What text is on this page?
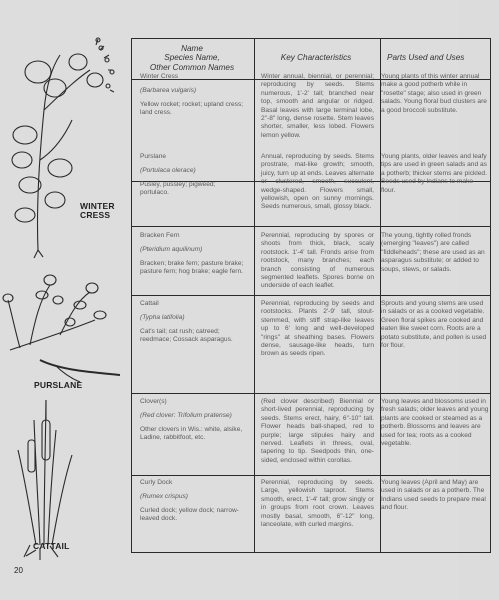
WINTER
CRESS
PURSLANE
CATTAIL
20
Name
Species Name,
Other Common Names
Key Characteristics	Parts Used and Uses
Winter Cress
(Barbarea vulgaris)
Yellow rocket; rocket; upland cress; land cress.
Winter annual, biennial, or perennial; reproducing by seeds. Stems numerous, 1'-2' tall; branched near top, smooth and angular or ridged. Basal leaves with large terminal lobe, 2"-8" long, dense rosette. Stem leaves shorter, smaller, less lobed. Flowers lemon yellow.
Young plants of this winter annual make a good potherb while in "rosette" stage; also used in green salads. Young floral bud clusters are a good broccoli substitute.
Purslane
(Portulaca olerace)
Pusley, pussley; pigweed; portulaco.
Annual, reproducing by seeds. Stems prostrate, mat-like growth; smooth, juicy, turn up at ends. Leaves alternate or clustered, smooth, succulent, wedge-shaped. Flowers small, yellowish, open on sunny mornings. Seeds numerous, small, glossy black.
Young plants, older leaves and leafy tips are used in green salads and as a potherb; thicker stems are pickled. Seeds used by Indians to make flour.
Bracken Fern
(Pteridium aquilinum)
Bracken; brake fern; pasture brake; pasture fern; hog brake; eagle fern.
Perennial, reproducing by spores or shoots from thick, black, scaly rootstock. 1'-4' tall. Fronds arise from rootstock, many branches; each branch consisting of numerous segmented leaflets. Spores borne on underside of each leaflet.
The young, tightly rolled fronds (emerging "leaves") are called "fiddleheads"; these are used as an asparagus substitute; or added to soups, stews, or salads.
Cattail
(Typha latifolia)
Cat's tail; cat rush; catreed; reedmace; Cossack asparagus.
Perennial, reproducing by seeds and rootstocks. Plants 2'-9' tall, stout-stemmed, with stiff strap-like leaves up to 6' long and well-developed "rings" at sheathing bases. Flowers dense, sausage-like heads, turn brown as seeds ripen.
Sprouts and young stems are used in salads or as a cooked vegetable. Green floral spikes are cooked and eaten like sweet corn. Roots are a potato substitute, and pollen is used for flour.
Clover(s)
(Red clover: Trifolium pratense)
Other clovers in Wis.: white, alsike, Ladine, rabbitfoot, etc.
(Red clover described) Biennial or short-lived perennial, reproducing by seeds. Stems erect, hairy, 6"-10" tall. Flower heads ball-shaped, red to purple; large stipules hairy and nerved. Leaflets in threes, oval, tapering to tip. Seedpods thin, one-sided, enclosed within corollas.
Young leaves and blossoms used in fresh salads; older leaves and young plants are cooked or steamed as a potherb. Blossoms and leaves are used for tea; roots as a cooked vegetable.
Curly Dock
(Rumex crispus)
Curled dock; yellow dock; narrow-leaved dock.
Perennial, reproducing by seeds. Large, yellowish taproot. Stems smooth, erect, 1'-4' tall; grow singly or in groups from root crown. Leaves mostly basal, smooth, 6"-12" long, lanceolate, with curled margins.
Young leaves (April and May) are used in salads or as a potherb. The Indians used seeds to prepare meal and flour.
